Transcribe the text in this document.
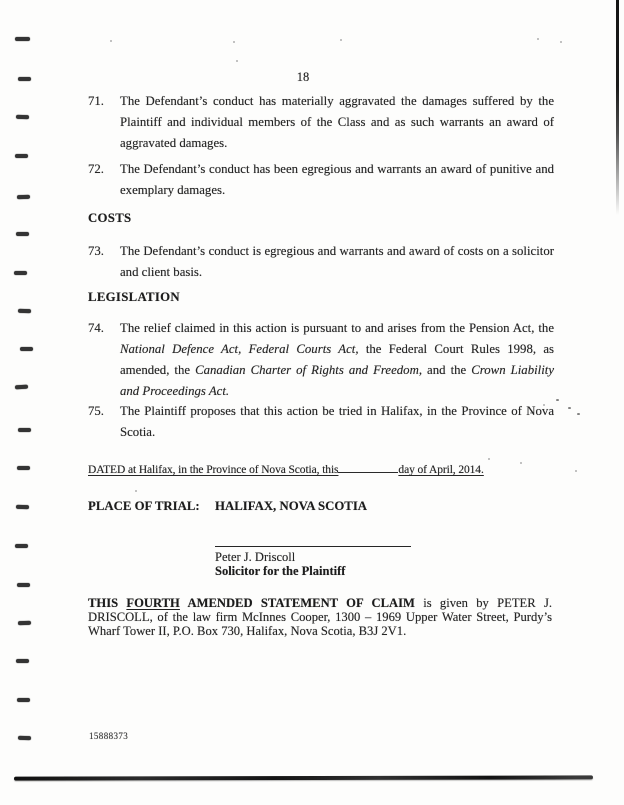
18
71.	The Defendant’s conduct has materially aggravated the damages suffered by the Plaintiff and individual members of the Class and as such warrants an award of aggravated damages.
72.	The Defendant’s conduct has been egregious and warrants an award of punitive and exemplary damages.
COSTS
73.	The Defendant’s conduct is egregious and warrants and award of costs on a solicitor and client basis.
LEGISLATION
74.	The relief claimed in this action is pursuant to and arises from the Pension Act, the National Defence Act, Federal Courts Act, the Federal Court Rules 1998, as amended, the Canadian Charter of Rights and Freedom, and the Crown Liability and Proceedings Act.
75.	The Plaintiff proposes that this action be tried in Halifax, in the Province of Nova Scotia.
DATED at Halifax, in the Province of Nova Scotia, this	day of April, 2014.
PLACE OF TRIAL:	HALIFAX, NOVA SCOTIA
Peter J. Driscoll
Solicitor for the Plaintiff
THIS FOURTH AMENDED STATEMENT OF CLAIM is given by PETER J. DRISCOLL, of the law firm McInnes Cooper, 1300 – 1969 Upper Water Street, Purdy’s Wharf Tower II, P.O. Box 730, Halifax, Nova Scotia, B3J 2V1.
15888373
